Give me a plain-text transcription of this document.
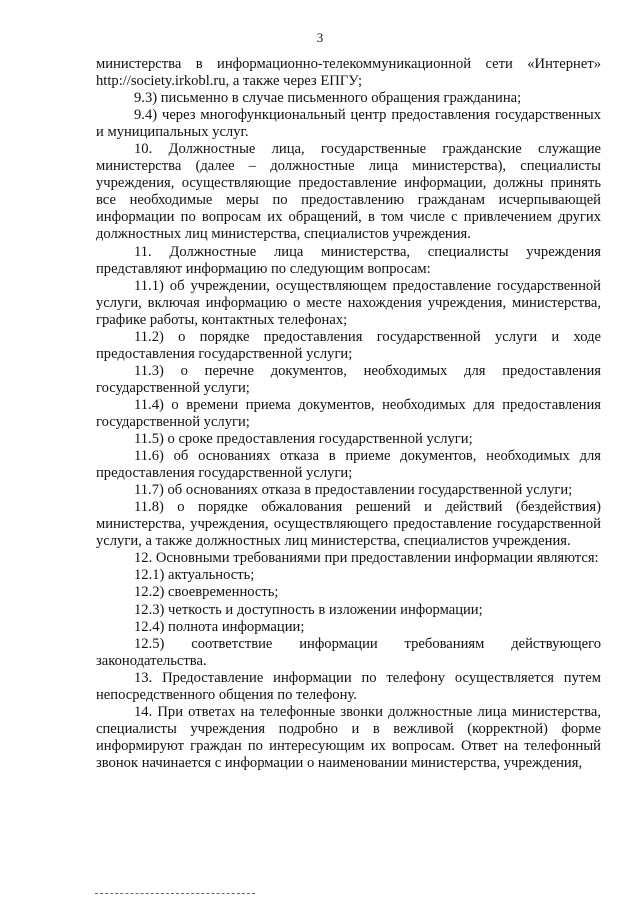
3

министерства в информационно-телекоммуникационной сети «Интернет» http://society.irkobl.ru, а также через ЕПГУ;

9.3) письменно в случае письменного обращения гражданина;

9.4) через многофункциональный центр предоставления государственных и муниципальных услуг.

10. Должностные лица, государственные гражданские служащие министерства (далее – должностные лица министерства), специалисты учреждения, осуществляющие предоставление информации, должны принять все необходимые меры по предоставлению гражданам исчерпывающей информации по вопросам их обращений, в том числе с привлечением других должностных лиц министерства, специалистов учреждения.

11. Должностные лица министерства, специалисты учреждения представляют информацию по следующим вопросам:

11.1) об учреждении, осуществляющем предоставление государственной услуги, включая информацию о месте нахождения учреждения, министерства, графике работы, контактных телефонах;

11.2) о порядке предоставления государственной услуги и ходе предоставления государственной услуги;

11.3) о перечне документов, необходимых для предоставления государственной услуги;

11.4) о времени приема документов, необходимых для предоставления государственной услуги;

11.5) о сроке предоставления государственной услуги;

11.6) об основаниях отказа в приеме документов, необходимых для предоставления государственной услуги;

11.7) об основаниях отказа в предоставлении государственной услуги;

11.8) о порядке обжалования решений и действий (бездействия) министерства, учреждения, осуществляющего предоставление государственной услуги, а также должностных лиц министерства, специалистов учреждения.

12. Основными требованиями при предоставлении информации являются:

12.1) актуальность;

12.2) своевременность;

12.3) четкость и доступность в изложении информации;

12.4) полнота информации;

12.5) соответствие информации требованиям действующего законодательства.

13. Предоставление информации по телефону осуществляется путем непосредственного общения по телефону.

14. При ответах на телефонные звонки должностные лица министерства, специалисты учреждения подробно и в вежливой (корректной) форме информируют граждан по интересующим их вопросам. Ответ на телефонный звонок начинается с информации о наименовании министерства, учреждения,
